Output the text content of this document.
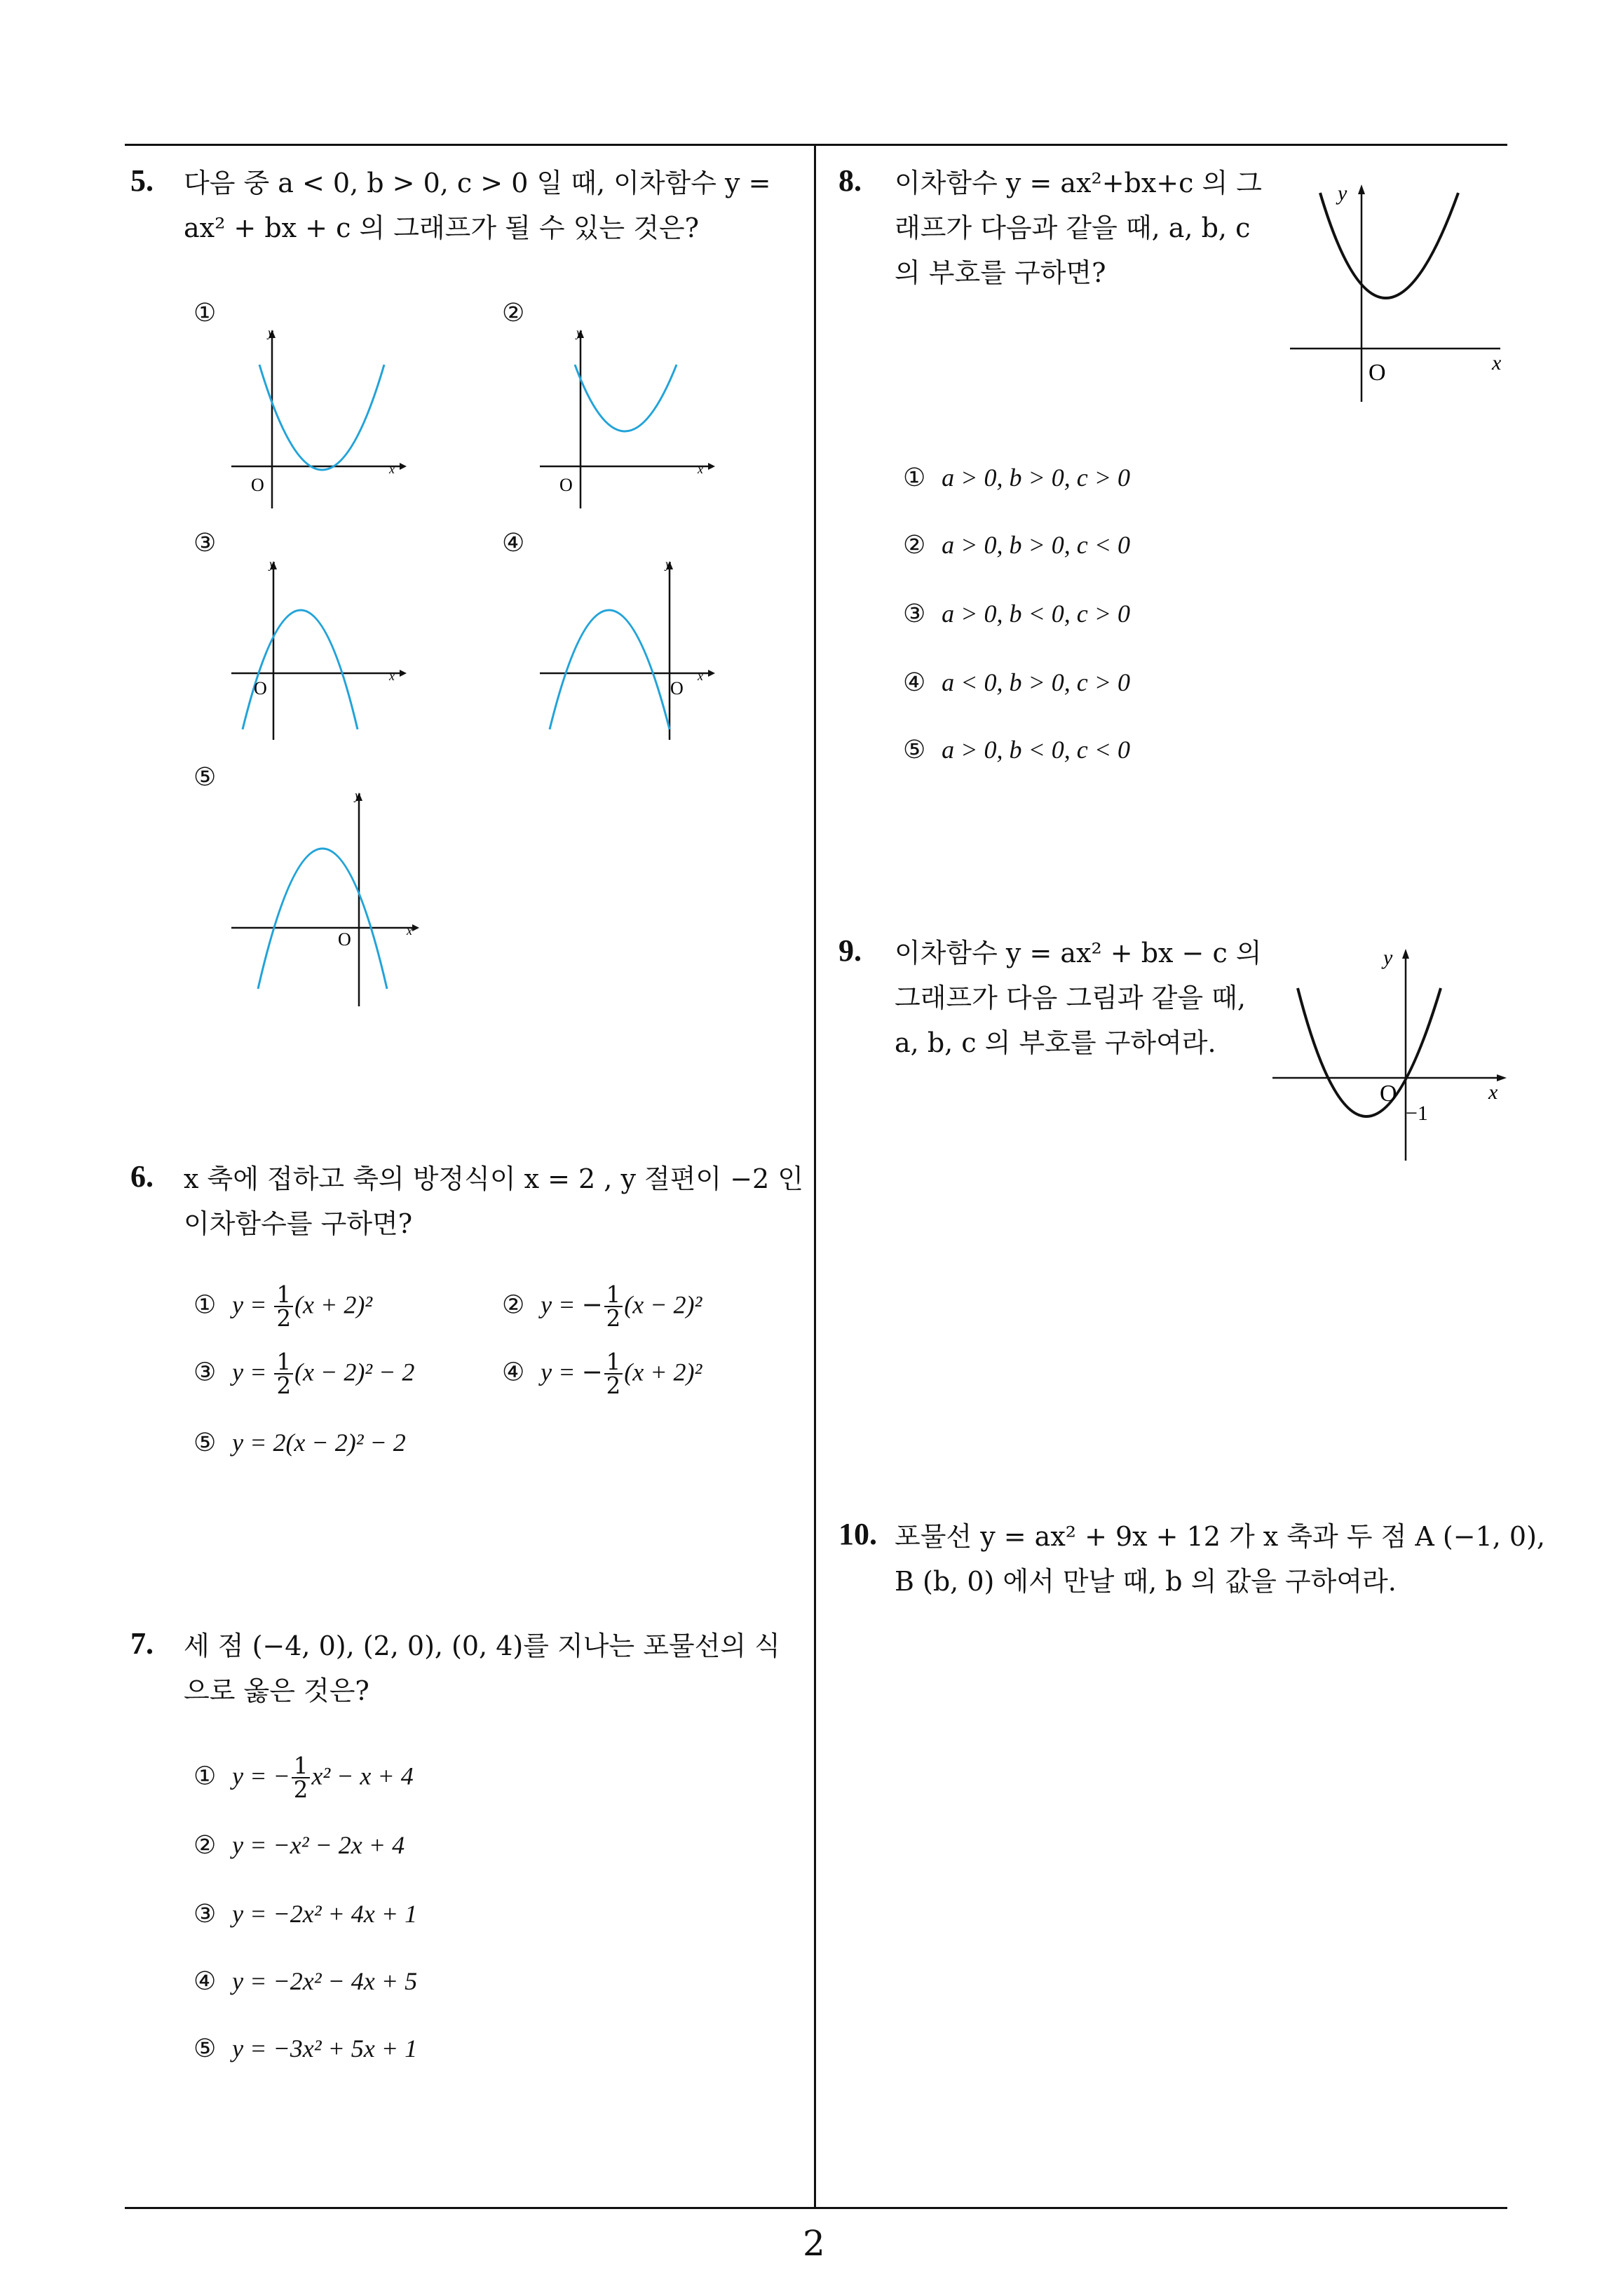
2
5. 다음 중 a < 0, b > 0, c > 0 일 때, 이차함수 y =
ax² + bx + c 의 그래프가 될 수 있는 것은?
①	②
③	④
⑤
y
x
O
y
x
O
y
x
O
y
x
O
y
x
O
6. x 축에 접하고 축의 방정식이 x = 2 , y 절편이 −2 인
이차함수를 구하면?
① $y = \frac{1}{2} (x + 2)^2$	② y = − $\frac{1}{2} (x - 2)^2$
③ $y = \frac{1}{2} (x - 2)^2 - 2$	④ y = − $\frac{1}{2} (x + 2)^2$
⑤ y = 2(x − 2)² − 2
7. 세 점 (−4, 0), (2, 0), (0, 4)를 지나는 포물선의 식
으로 옳은 것은?
① y = − $\frac{1}{2} x^2 - x + 4$
② y = −x² − 2x + 4
③ y = −2x² + 4x + 1
④ y = −2x² − 4x + 5
⑤ y = −3x² + 5x + 1
8. 이차함수 y = ax²+bx+c 의 그
래프가 다음과 같을 때, a, b, c
의 부호를 구하면?
y
x
O
① a > 0, b > 0, c > 0
② a > 0, b > 0, c < 0
③ a > 0, b < 0, c > 0
④ a < 0, b > 0, c > 0
⑤ a > 0, b < 0, c < 0
9. 이차함수 y = ax² + bx − c 의
그래프가 다음 그림과 같을 때,
a, b, c 의 부호를 구하여라.
y
x
O
−1
10. 포물선 y = ax² + 9x + 12 가 x 축과 두 점 A (−1, 0),
B (b, 0) 에서 만날 때, b 의 값을 구하여라.
